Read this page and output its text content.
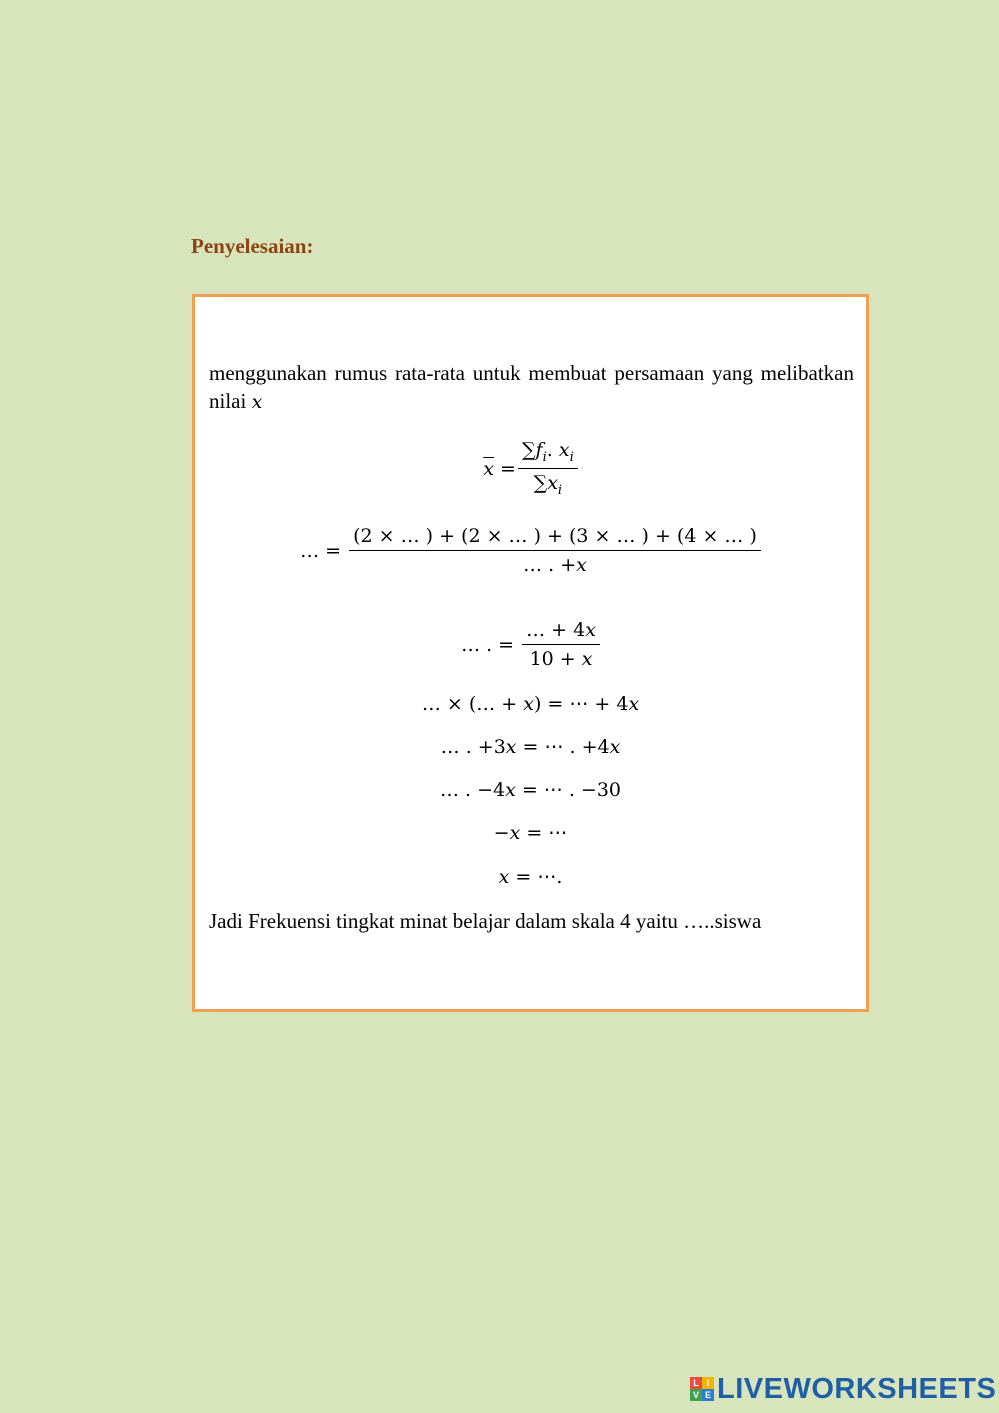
Penyelesaian:
menggunakan rumus rata-rata untuk membuat persamaan yang melibatkan nilai x
$\overline{x} = \frac{\sum f_i. x_i}{\sum x_i}$
… = $\frac{(2 \times \dots ) + (2 \times \dots ) + (3 \times \dots ) + (4 \times \dots )}{\text{… . +𝑥}}$
… . = $\frac{\text{… + 4𝑥}}{\text{10 + 𝑥}}$
… × (… + 𝑥) = ⋯ + 4𝑥
… . +3𝑥 = ⋯ . +4𝑥
… . −4𝑥 = ⋯ . −30
−𝑥 = ⋯
𝑥 = ⋯.
Jadi Frekuensi tingkat minat belajar dalam skala 4 yaitu …..siswa
L I
V E LIVEWORKSHEETS
